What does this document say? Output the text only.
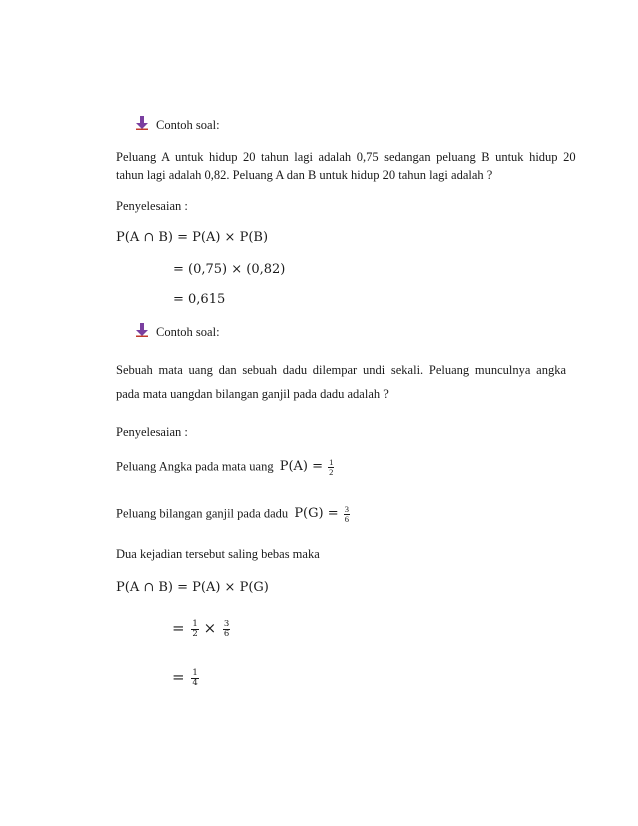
Contoh soal:
Peluang A untuk hidup 20 tahun lagi adalah 0,75 sedangan peluang B untuk hidup 20
tahun lagi adalah 0,82. Peluang A dan B untuk hidup 20 tahun lagi adalah ?
Penyelesaian :
P(A ∩ B) = P(A) × P(B)
= (0,75) × (0,82)
= 0,615
Contoh soal:
Sebuah mata uang dan sebuah dadu dilempar undi sekali. Peluang munculnya angka
pada mata uangdan bilangan ganjil pada dadu adalah ?
Penyelesaian :
Peluang Angka pada mata uang $P(A) = \frac{1}{2}$
Peluang bilangan ganjil pada dadu $P(G) = \frac{3}{6}$
Dua kejadian tersebut saling bebas maka
P(A ∩ B) = P(A) × P(G)
= $\frac{1}{2} \times \frac{3}{6}$
= $\frac{1}{4}$
